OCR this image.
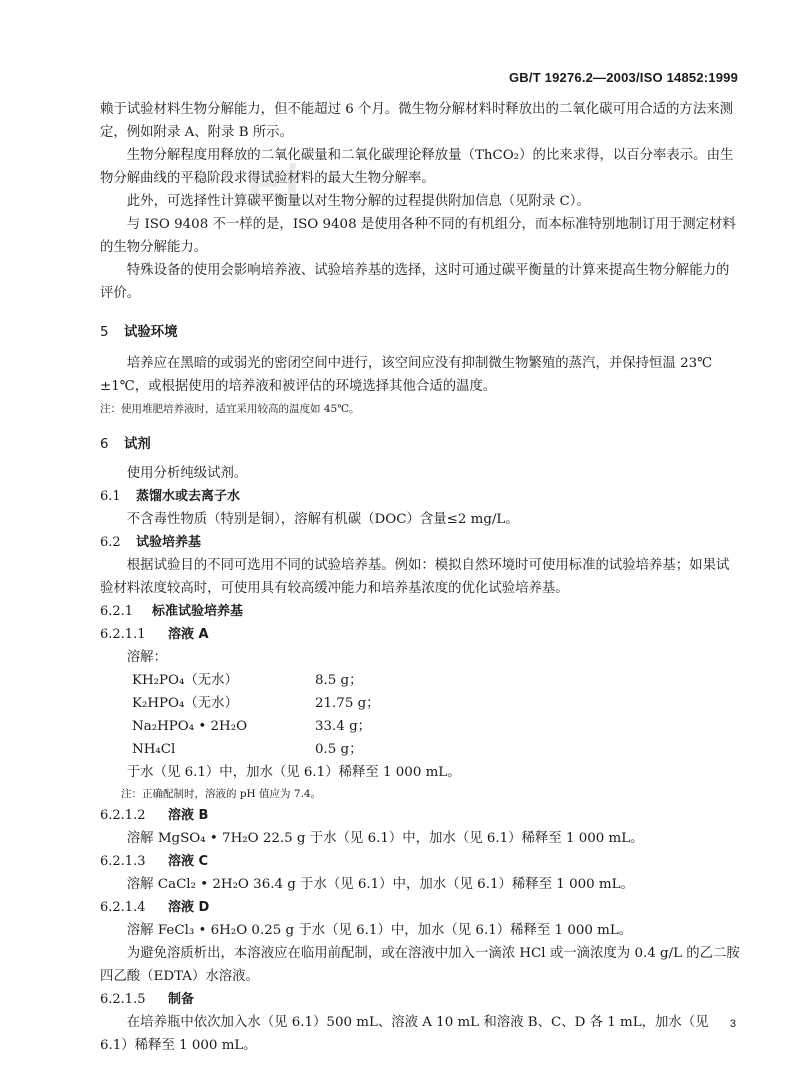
GB/T 19276.2—2003/ISO 14852:1999
et

赖于试验材料生物分解能力，但不能超过 6 个月。微生物分解材料时释放出的二氧化碳可用合适的方法来测定，例如附录 A、附录 B 所示。

生物分解程度用释放的二氧化碳量和二氧化碳理论释放量（ThCO₂）的比来求得，以百分率表示。由生物分解曲线的平稳阶段求得试验材料的最大生物分解率。

此外，可选择性计算碳平衡量以对生物分解的过程提供附加信息（见附录 C）。

与 ISO 9408 不一样的是，ISO 9408 是使用各种不同的有机组分，而本标准特别地制订用于测定材料的生物分解能力。

特殊设备的使用会影响培养液、试验培养基的选择，这时可通过碳平衡量的计算来提高生物分解能力的评价。

5 试验环境

培养应在黑暗的或弱光的密闭空间中进行，该空间应没有抑制微生物繁殖的蒸汽，并保持恒温 23℃±1℃，或根据使用的培养液和被评估的环境选择其他合适的温度。

注：使用堆肥培养液时，适宜采用较高的温度如 45℃。

6 试剂

使用分析纯级试剂。

6.1 蒸馏水或去离子水

不含毒性物质（特别是铜），溶解有机碳（DOC）含量≤2 mg/L。

6.2 试验培养基

根据试验目的不同可选用不同的试验培养基。例如：模拟自然环境时可使用标准的试验培养基；如果试验材料浓度较高时，可使用具有较高缓冲能力和培养基浓度的优化试验培养基。

6.2.1 标准试验培养基
6.2.1.1 溶液 A

溶解：

KH₂PO₄（无水）	8.5 g；
K₂HPO₄（无水）	21.75 g；
Na₂HPO₄ • 2H₂O	33.4 g；
NH₄Cl	0.5 g；

于水（见 6.1）中，加水（见 6.1）稀释至 1 000 mL。

注：正确配制时，溶液的 pH 值应为 7.4。

6.2.1.2 溶液 B

溶解 MgSO₄ • 7H₂O 22.5 g 于水（见 6.1）中，加水（见 6.1）稀释至 1 000 mL。

6.2.1.3 溶液 C

溶解 CaCl₂ • 2H₂O 36.4 g 于水（见 6.1）中，加水（见 6.1）稀释至 1 000 mL。

6.2.1.4 溶液 D

溶解 FeCl₃ • 6H₂O 0.25 g 于水（见 6.1）中，加水（见 6.1）稀释至 1 000 mL。

为避免溶质析出，本溶液应在临用前配制，或在溶液中加入一滴浓 HCl 或一滴浓度为 0.4 g/L 的乙二胺四乙酸（EDTA）水溶液。

6.2.1.5 制备

在培养瓶中依次加入水（见 6.1）500 mL、溶液 A 10 mL 和溶液 B、C、D 各 1 mL，加水（见 6.1）稀释至 1 000 mL。

3
